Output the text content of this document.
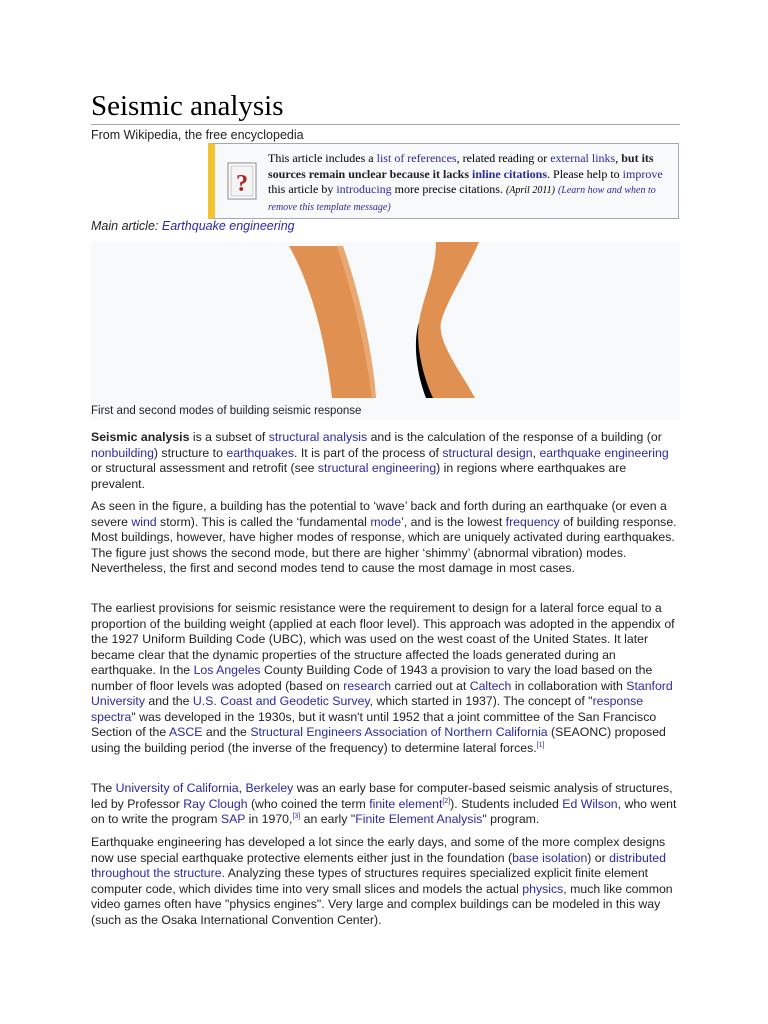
Seismic analysis
From Wikipedia, the free encyclopedia
?
This article includes a list of references, related reading or external links, but its sources remain unclear because it lacks inline citations. Please help to improve this article by introducing more precise citations. (April 2011) (Learn how and when to remove this template message)
Main article: Earthquake engineering
First and second modes of building seismic response

Seismic analysis is a subset of structural analysis and is the calculation of the response of a building (or nonbuilding) structure to earthquakes. It is part of the process of structural design, earthquake engineering or structural assessment and retrofit (see structural engineering) in regions where earthquakes are prevalent.

As seen in the figure, a building has the potential to ‘wave’ back and forth during an earthquake (or even a severe wind storm). This is called the ‘fundamental mode’, and is the lowest frequency of building response. Most buildings, however, have higher modes of response, which are uniquely activated during earthquakes. The figure just shows the second mode, but there are higher ‘shimmy’ (abnormal vibration) modes. Nevertheless, the first and second modes tend to cause the most damage in most cases.

The earliest provisions for seismic resistance were the requirement to design for a lateral force equal to a proportion of the building weight (applied at each floor level). This approach was adopted in the appendix of the 1927 Uniform Building Code (UBC), which was used on the west coast of the United States. It later became clear that the dynamic properties of the structure affected the loads generated during an earthquake. In the Los Angeles County Building Code of 1943 a provision to vary the load based on the number of floor levels was adopted (based on research carried out at Caltech in collaboration with Stanford University and the U.S. Coast and Geodetic Survey, which started in 1937). The concept of "response spectra" was developed in the 1930s, but it wasn't until 1952 that a joint committee of the San Francisco Section of the ASCE and the Structural Engineers Association of Northern California (SEAONC) proposed using the building period (the inverse of the frequency) to determine lateral forces.[1]

The University of California, Berkeley was an early base for computer-based seismic analysis of structures, led by Professor Ray Clough (who coined the term finite element[2]). Students included Ed Wilson, who went on to write the program SAP in 1970,[3] an early "Finite Element Analysis" program.

Earthquake engineering has developed a lot since the early days, and some of the more complex designs now use special earthquake protective elements either just in the foundation (base isolation) or distributed throughout the structure. Analyzing these types of structures requires specialized explicit finite element computer code, which divides time into very small slices and models the actual physics, much like common video games often have "physics engines". Very large and complex buildings can be modeled in this way (such as the Osaka International Convention Center).
